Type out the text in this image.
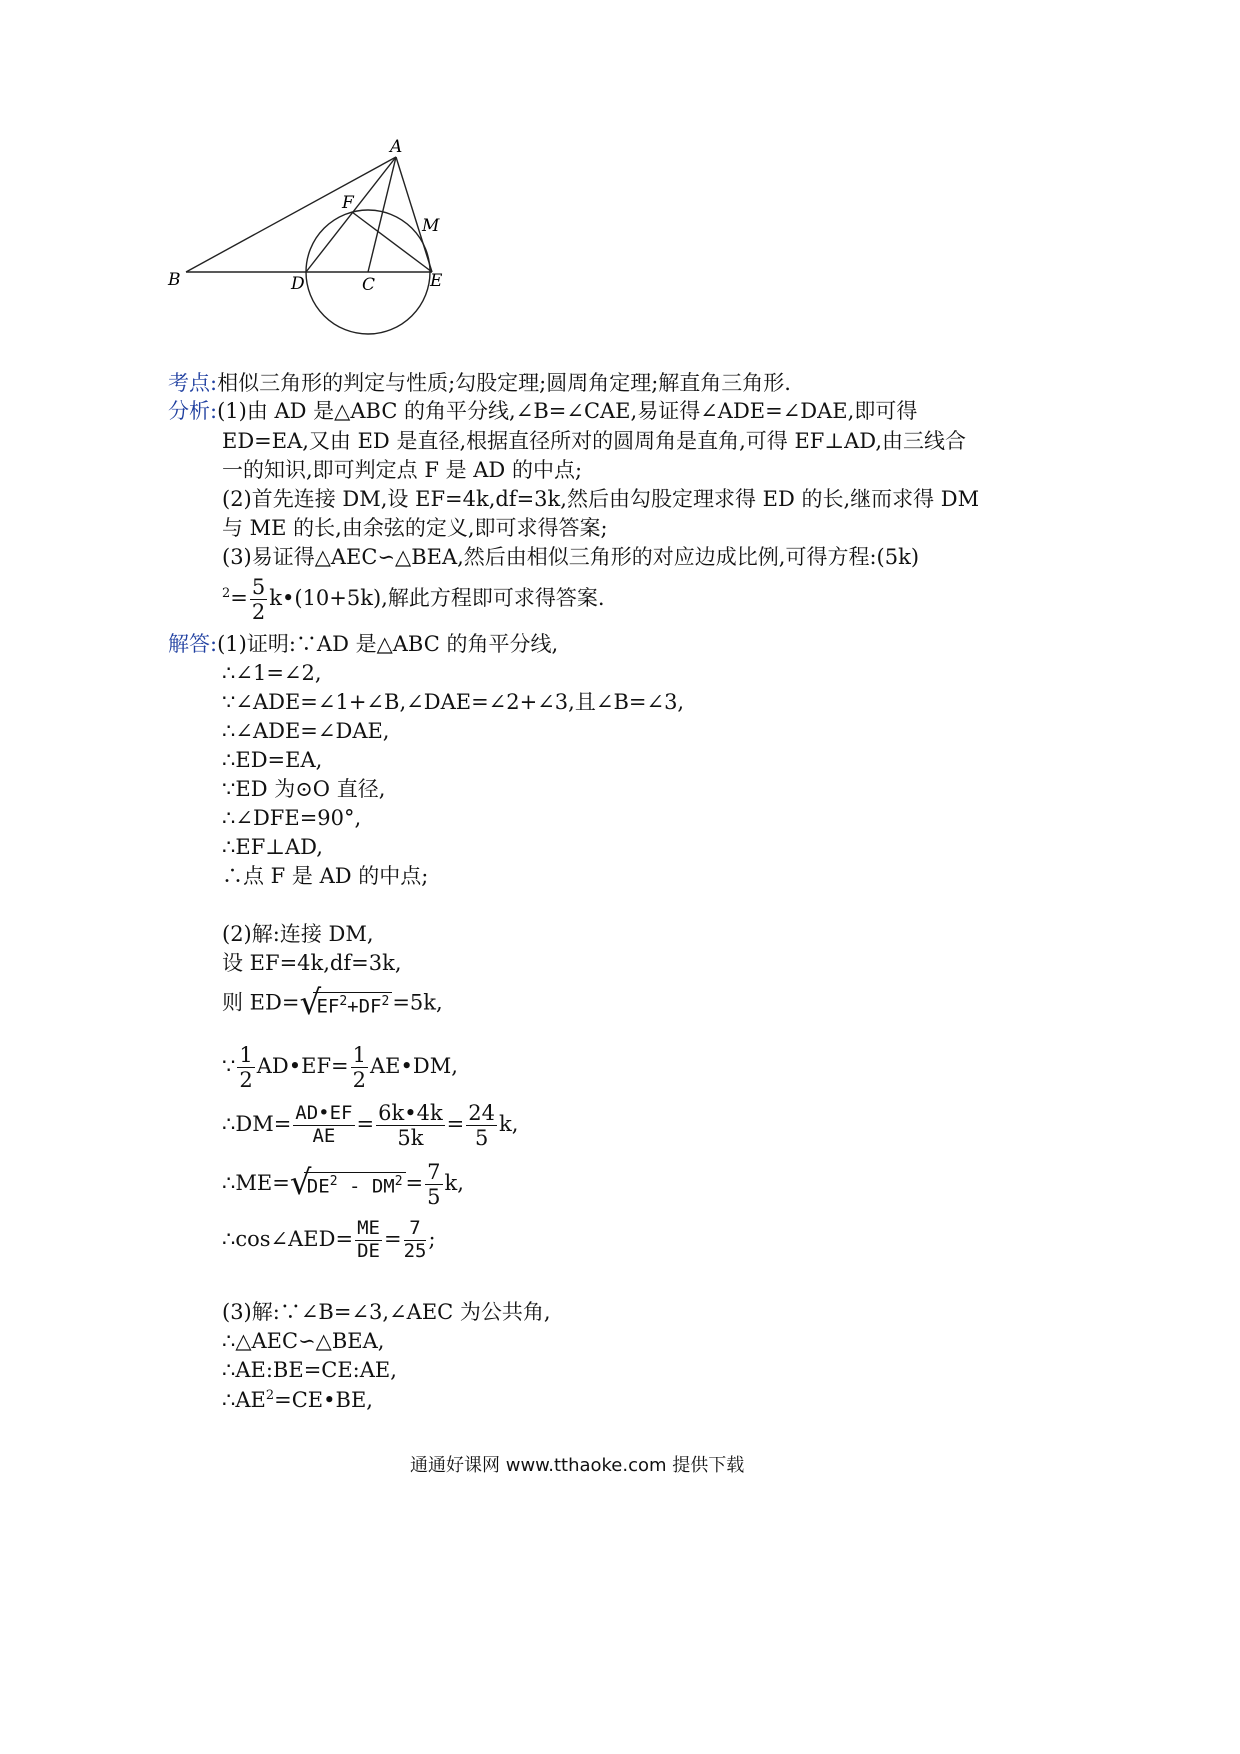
A
B	C
D	E
F
M
考点:相似三角形的判定与性质;勾股定理;圆周角定理;解直角三角形.
分析:(1)由 AD 是△ABC 的角平分线,∠B=∠CAE,易证得∠ADE=∠DAE,即可得
ED=EA,又由 ED 是直径,根据直径所对的圆周角是直角,可得 EF⊥AD,由三线合
一的知识,即可判定点 F 是 AD 的中点;
(2)首先连接 DM,设 EF=4k,df=3k,然后由勾股定理求得 ED 的长,继而求得 DM
与 ME 的长,由余弦的定义,即可求得答案;
(3)易证得△AEC∽△BEA,然后由相似三角形的对应边成比例,可得方程:(5k)
$^2= \frac{5}{2}$ k•(10+5k),解此方程即可求得答案.
解答:(1)证明:∵AD 是△ABC 的角平分线,
∴∠1=∠2,
∵∠ADE=∠1+∠B,∠DAE=∠2+∠3,且∠B=∠3,
∴∠ADE=∠DAE,
∴ED=EA,
∵ED 为⊙O 直径,
∴∠DFE=90°,
∴EF⊥AD,
∴点 F 是 AD 的中点;
(2)解:连接 DM,
设 EF=4k,df=3k,
则 ED= √
$EF^2+DF^2 =5k$,
∵ $\frac{1}{2}$ AD•EF= $\frac{1}{2}$ AE•DM,
∴DM= $\frac{AD•EF}{AE} = \frac{6k•4k}{5k} = \frac{24}{5} k$,
∴ME= √
$DE^2 - DM^2 = \frac{7}{5} k$,
∴cos∠AED= $\frac{ME}{DE} = \frac{7}{25}$ ;
(3)解:∵∠B=∠3,∠AEC 为公共角,
∴△AEC∽△BEA,
∴AE:BE=CE:AE,
$\therefore AE^2=CE•BE$,
通通好课网 www.tthaoke.com 提供下载
